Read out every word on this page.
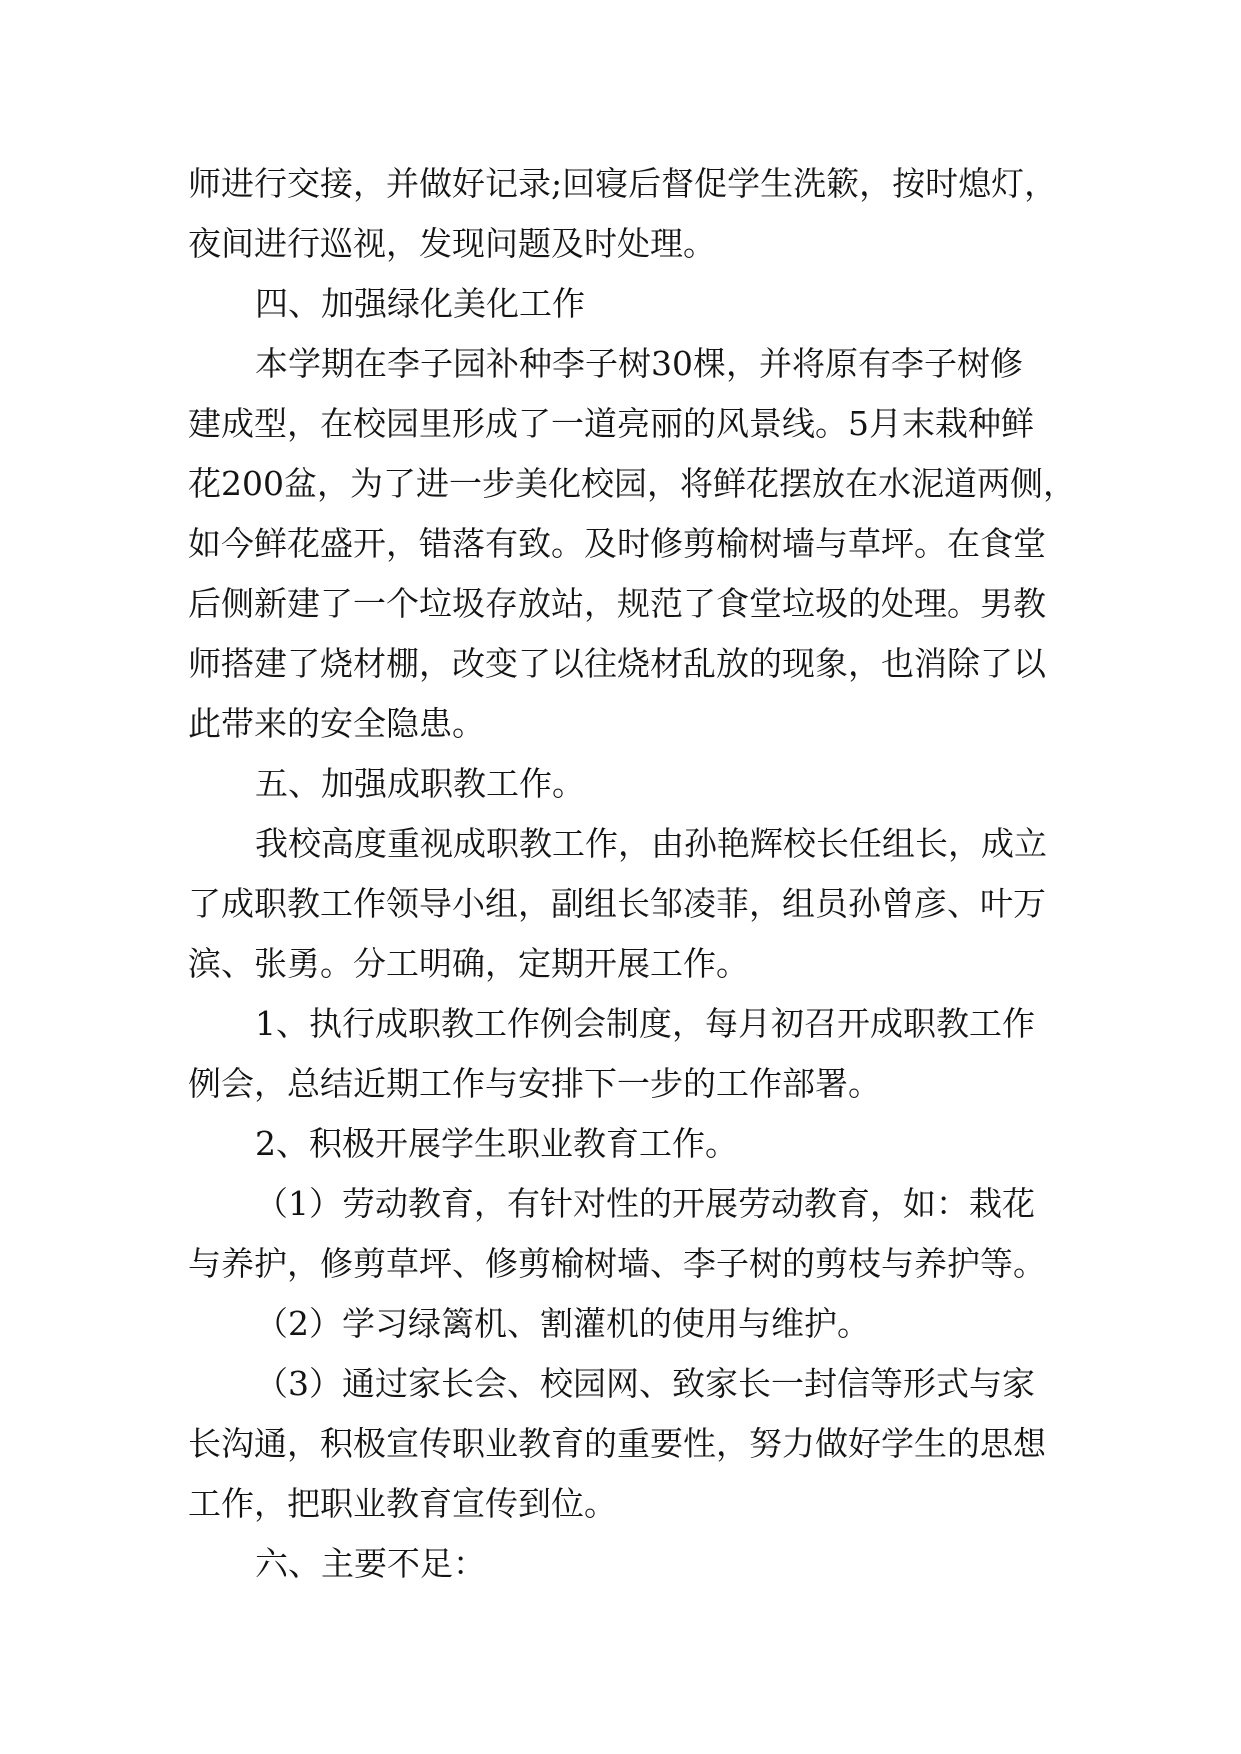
师进行交接，并做好记录;回寝后督促学生洗簌，按时熄灯，
夜间进行巡视，发现问题及时处理。
四、加强绿化美化工作
本学期在李子园补种李子树30棵，并将原有李子树修
建成型，在校园里形成了一道亮丽的风景线。5月末栽种鲜
花200盆，为了进一步美化校园，将鲜花摆放在水泥道两侧，
如今鲜花盛开，错落有致。及时修剪榆树墙与草坪。在食堂
后侧新建了一个垃圾存放站，规范了食堂垃圾的处理。男教
师搭建了烧材棚，改变了以往烧材乱放的现象，也消除了以
此带来的安全隐患。
五、加强成职教工作。
我校高度重视成职教工作，由孙艳辉校长任组长，成立
了成职教工作领导小组，副组长邹凌菲，组员孙曾彦、叶万
滨、张勇。分工明确，定期开展工作。
1、执行成职教工作例会制度，每月初召开成职教工作
例会，总结近期工作与安排下一步的工作部署。
2、积极开展学生职业教育工作。
（1）劳动教育，有针对性的开展劳动教育，如：栽花
与养护，修剪草坪、修剪榆树墙、李子树的剪枝与养护等。
（2）学习绿篱机、割灌机的使用与维护。
（3）通过家长会、校园网、致家长一封信等形式与家
长沟通，积极宣传职业教育的重要性，努力做好学生的思想
工作，把职业教育宣传到位。
六、主要不足：
